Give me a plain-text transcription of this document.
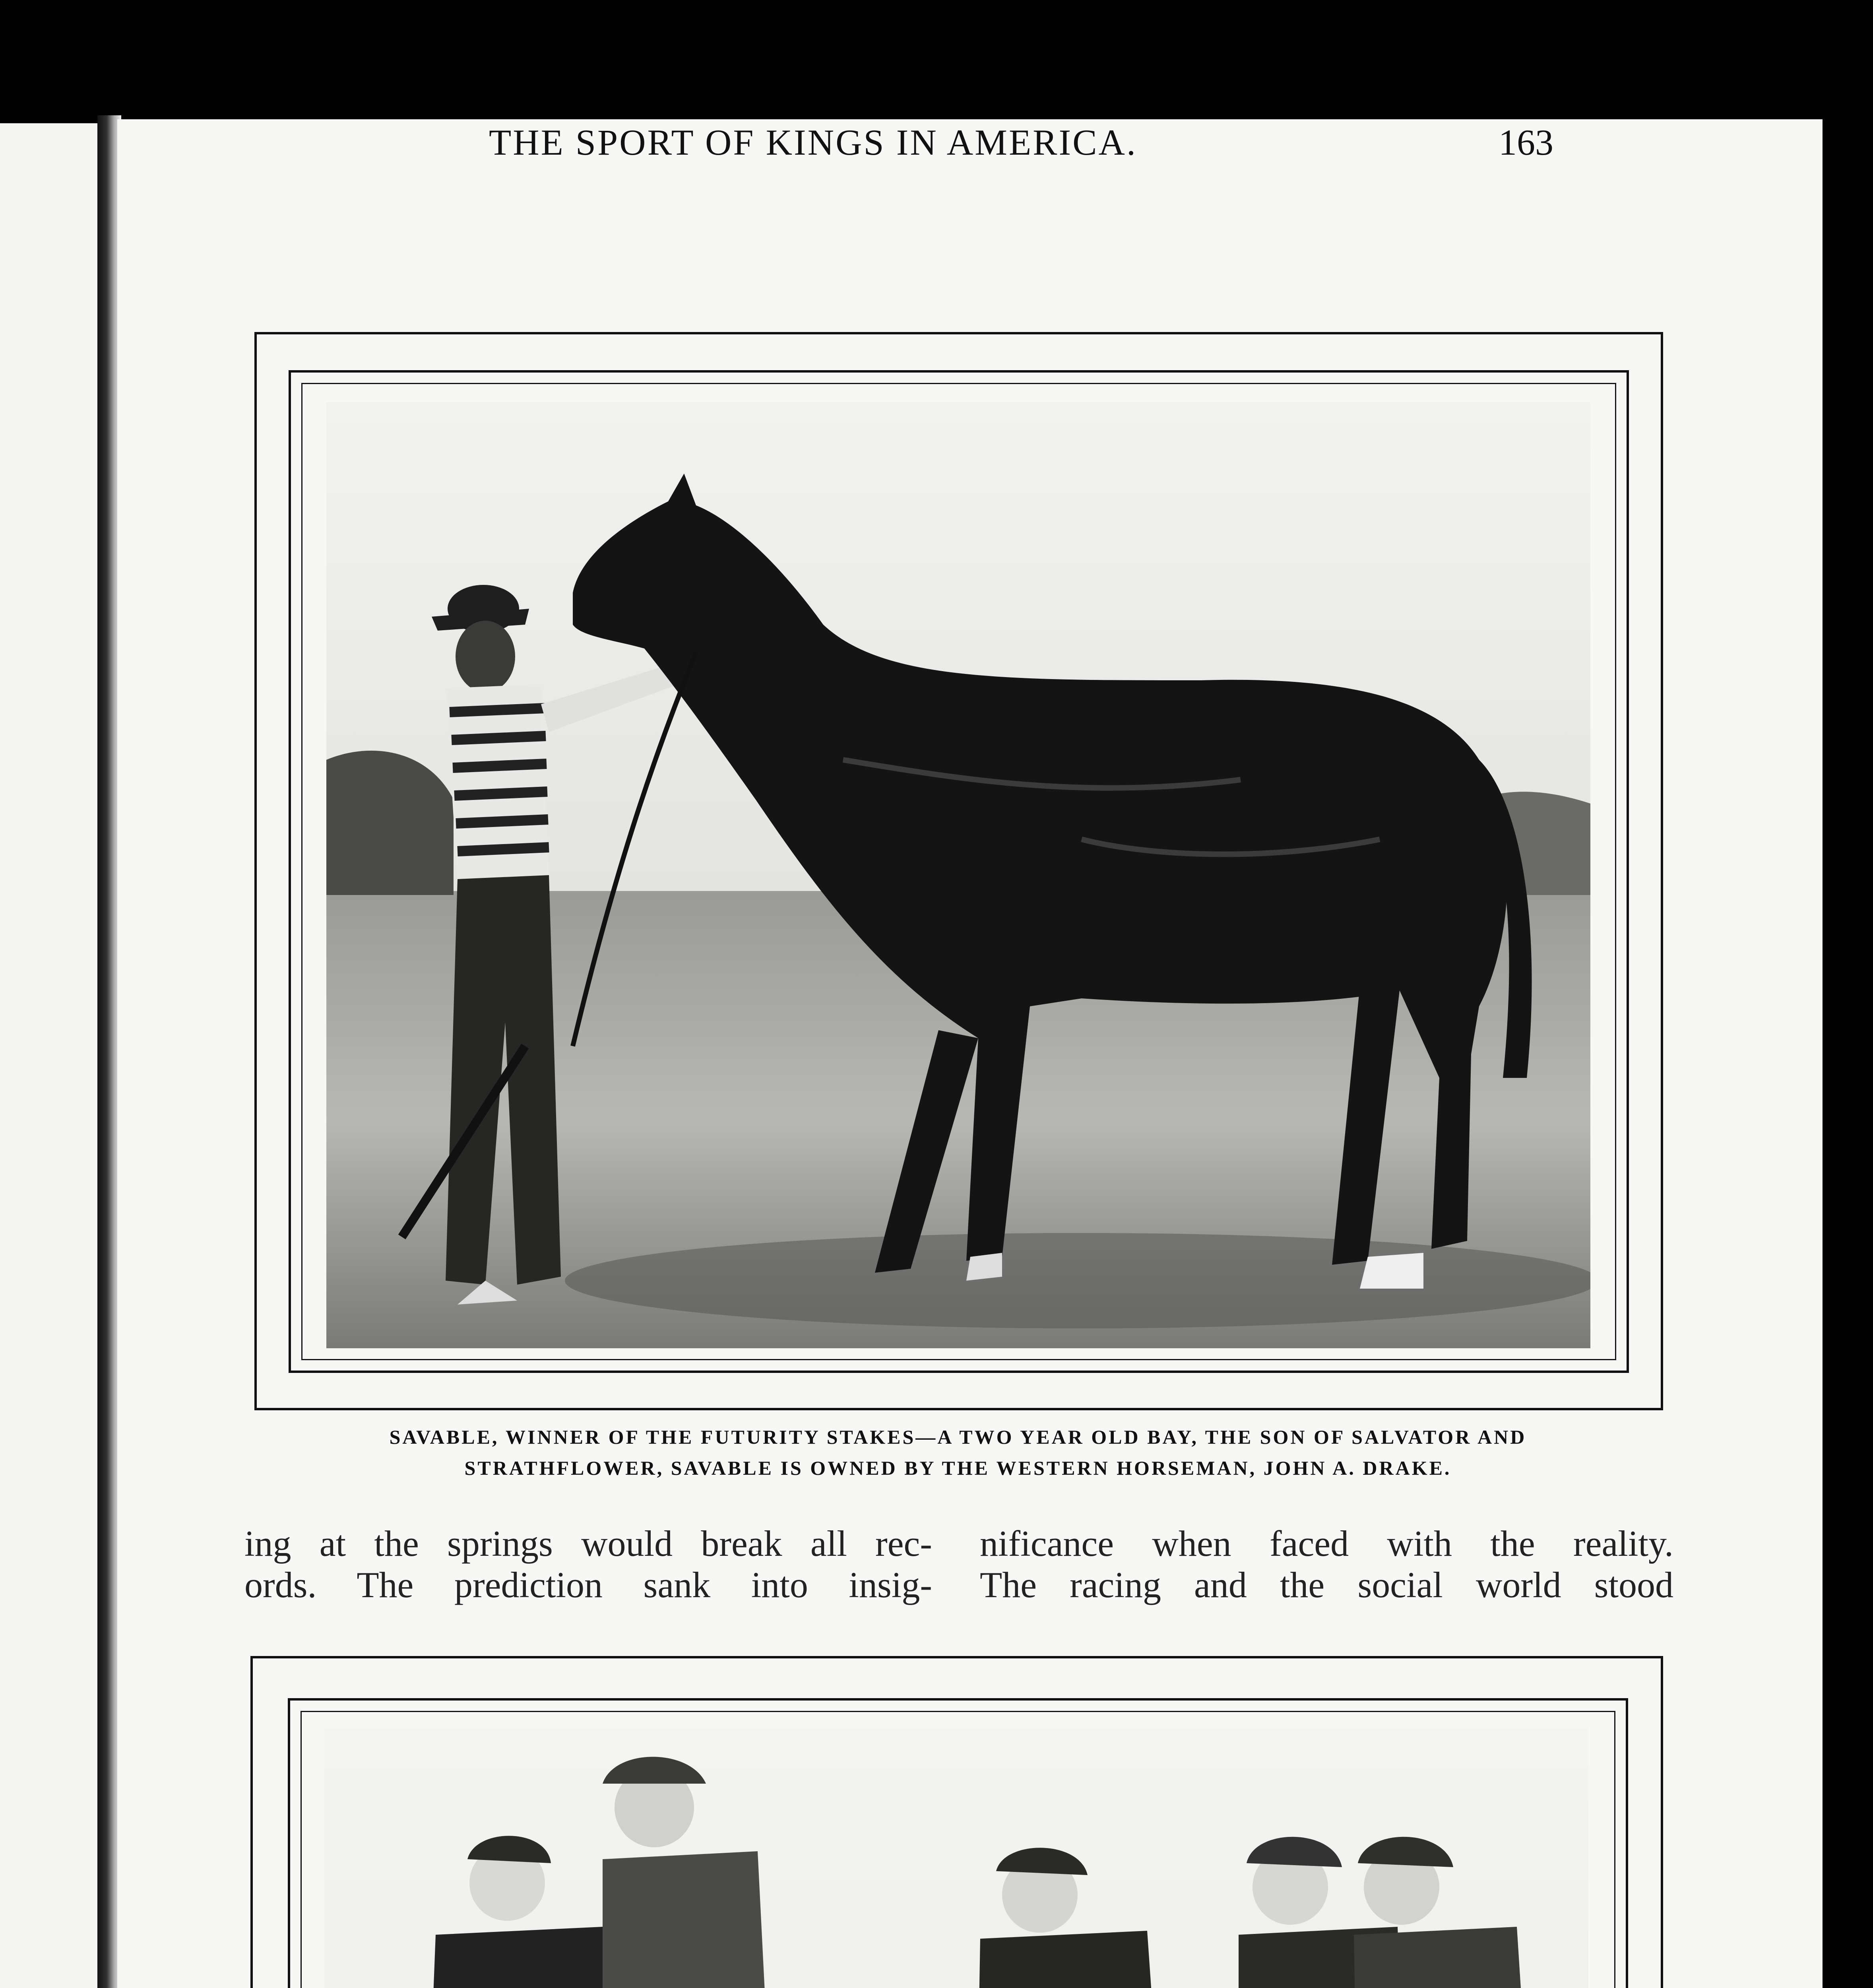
THE SPORT OF KINGS IN AMERICA.	163
SAVABLE, WINNER OF THE FUTURITY STAKES—A TWO YEAR OLD BAY, THE SON OF SALVATOR AND
STRATHFLOWER, SAVABLE IS OWNED BY THE WESTERN HORSEMAN, JOHN A. DRAKE.
ing at the springs would break all rec-
ords. The prediction sank into insig-
nificance when faced with the reality.
The racing and the social world stood
